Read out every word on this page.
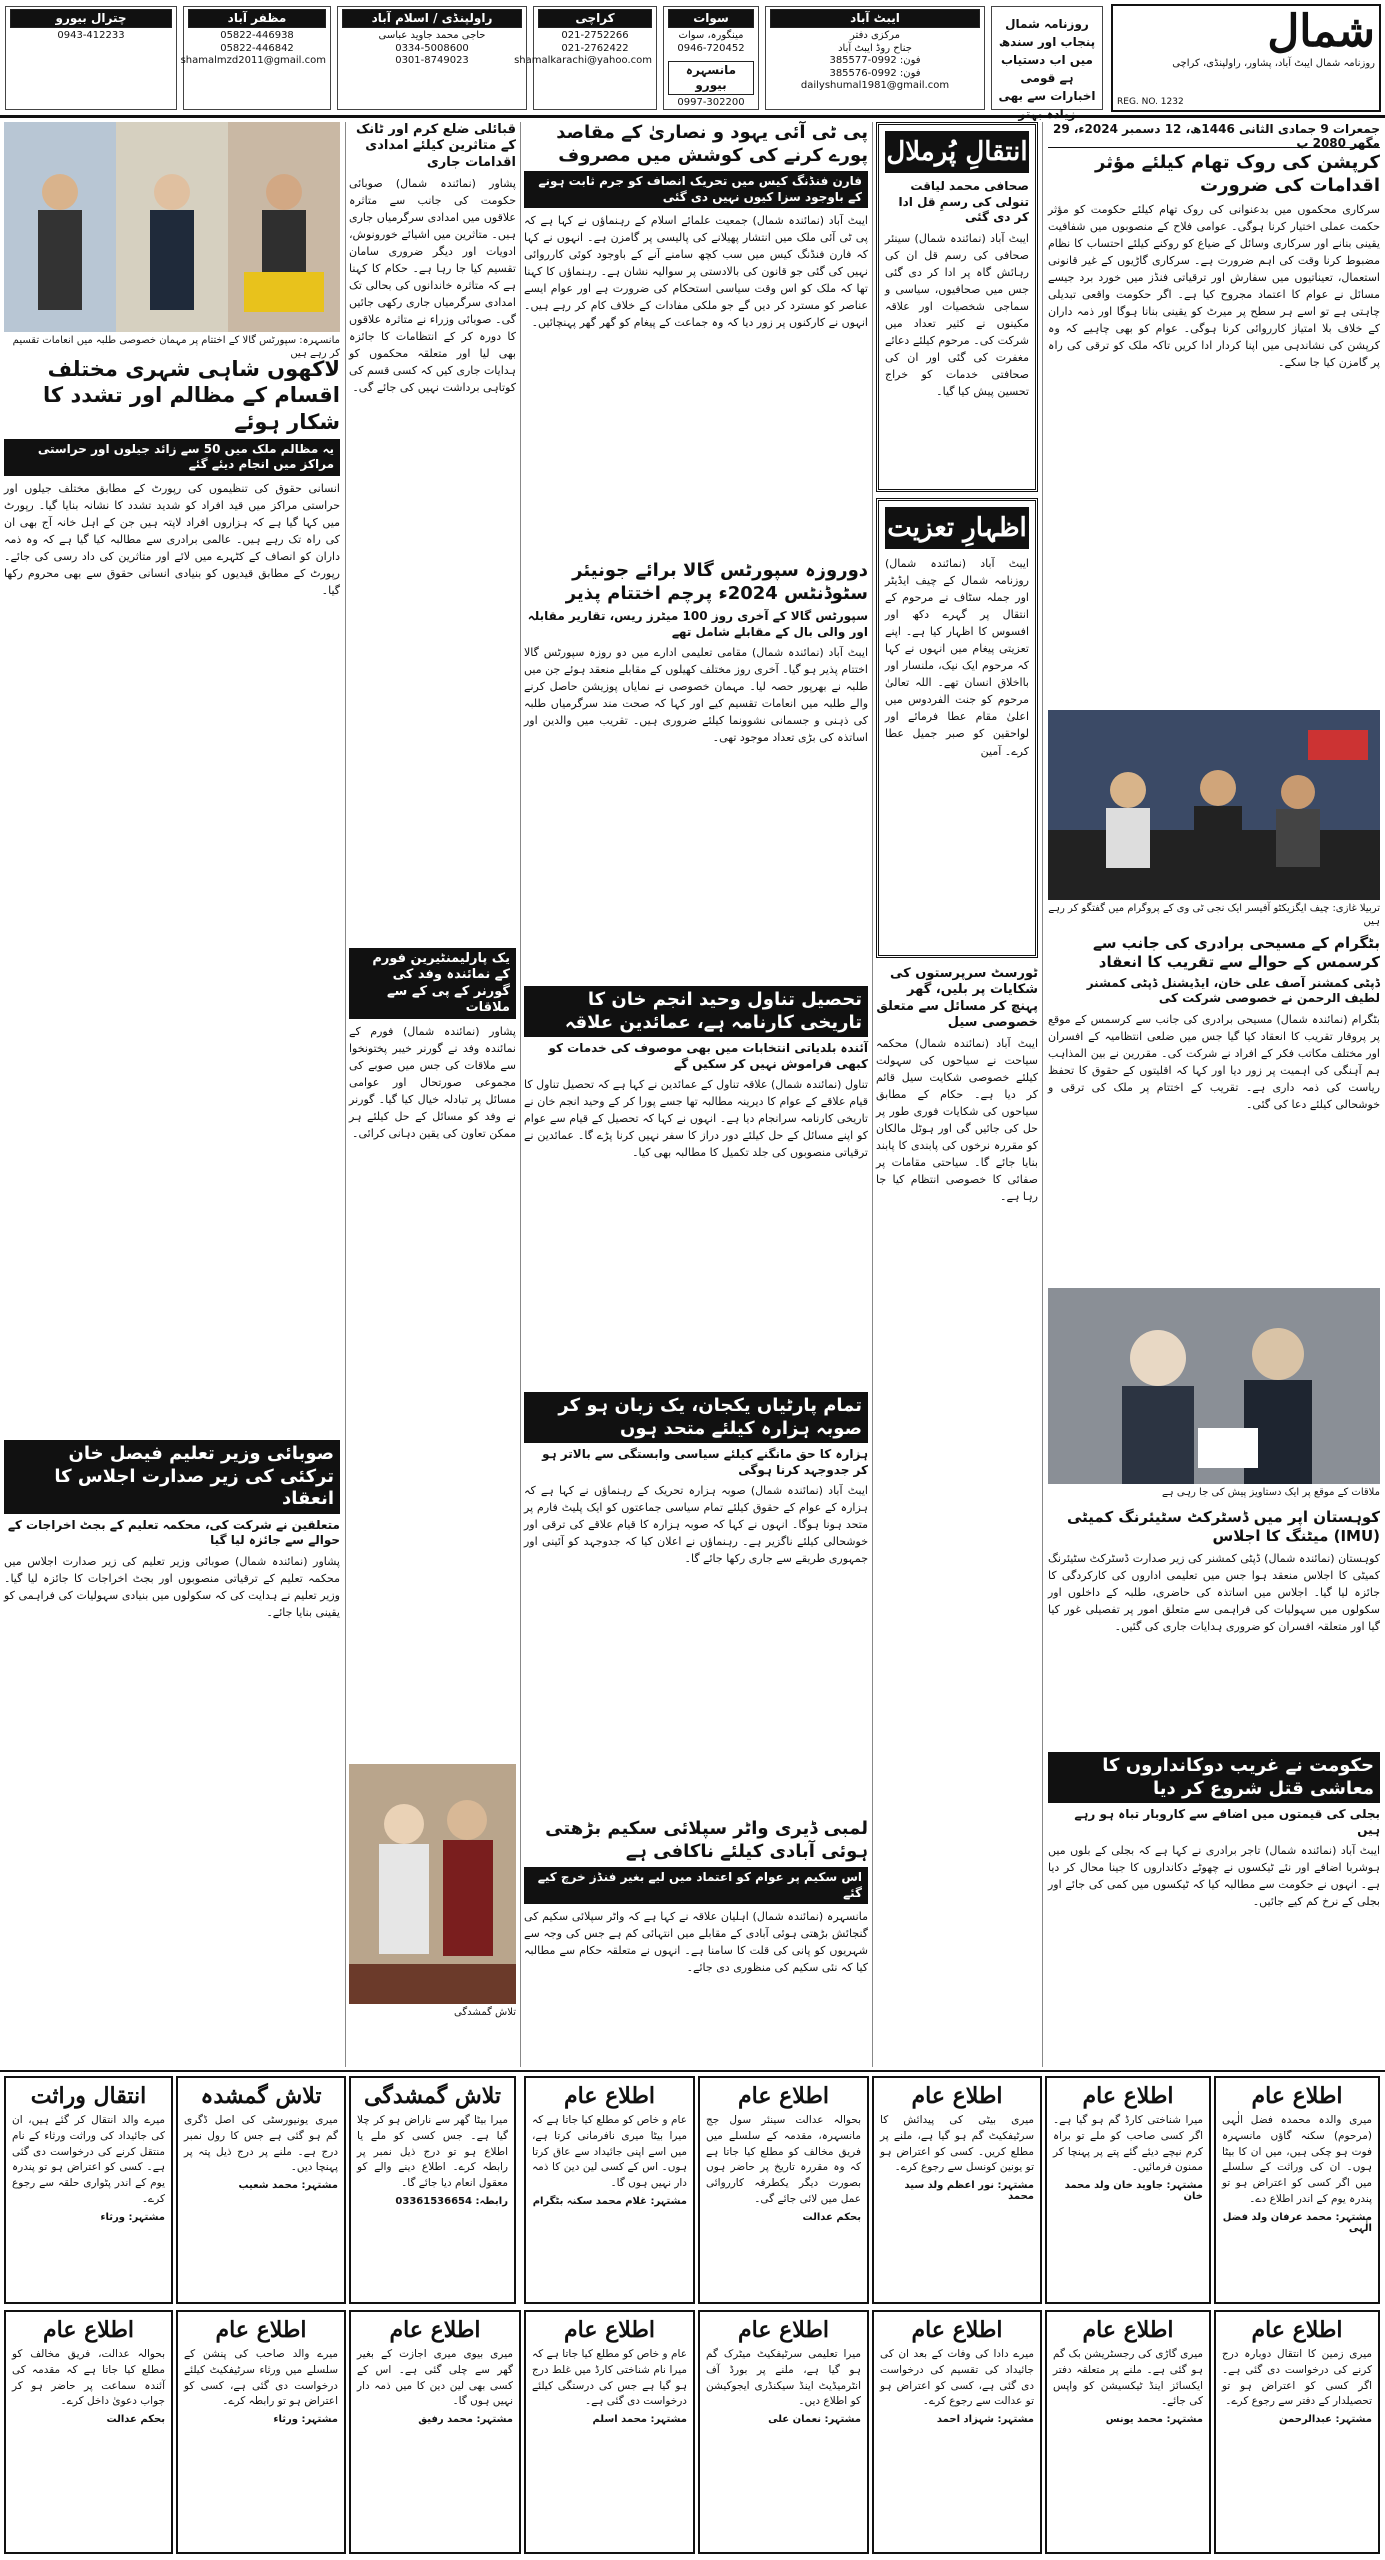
شمال
روزنامہ شمال ایبٹ آباد، پشاور، راولپنڈی، کراچی
REG. NO. 1232
روزنامہ شمال پنجاب اور سندھ میں اب دستیاب ہے قومی اخبارات سے بھی زیادہ بہتر
ایبٹ آباد
مرکزی دفتر
جناح روڈ ایبٹ آباد
فون: 0992-385577
فون: 0992-385576
dailyshumal1981@gmail.com
سوات
مینگورہ، سوات
0946-720452
مانسہرہ بیورو
0997-302200
کراچی
021-2752266
021-2762422
shamalkarachi@yahoo.com
راولپنڈی / اسلام آباد
حاجی محمد جاوید عباسی
0334-5008600
0301-8749023
مظفر آباد
05822-446938
05822-446842
shamalmzd2011@gmail.com
چترال بیورو
0943-412233
جمعرات 9 جمادی الثانی 1446ھ، 12 دسمبر 2024ء، 29 مگھر 2080 ب
کرپشن کی روک تھام کیلئے مؤثر اقدامات کی ضرورت
سرکاری محکموں میں بدعنوانی کی روک تھام کیلئے حکومت کو مؤثر حکمت عملی اختیار کرنا ہوگی۔ عوامی فلاح کے منصوبوں میں شفافیت یقینی بنانے اور سرکاری وسائل کے ضیاع کو روکنے کیلئے احتساب کا نظام مضبوط کرنا وقت کی اہم ضرورت ہے۔ سرکاری گاڑیوں کے غیر قانونی استعمال، تعیناتیوں میں سفارش اور ترقیاتی فنڈز میں خورد برد جیسے مسائل نے عوام کا اعتماد مجروح کیا ہے۔ اگر حکومت واقعی تبدیلی چاہتی ہے تو اسے ہر سطح پر میرٹ کو یقینی بنانا ہوگا اور ذمہ داران کے خلاف بلا امتیاز کارروائی کرنا ہوگی۔ عوام کو بھی چاہیے کہ وہ کرپشن کی نشاندہی میں اپنا کردار ادا کریں تاکہ ملک کو ترقی کی راہ پر گامزن کیا جا سکے۔
تربیلا غازی: چیف ایگزیکٹو آفیسر ایک نجی ٹی وی کے پروگرام میں گفتگو کر رہے ہیں
بٹگرام کے مسیحی برادری کی جانب سے کرسمس کے حوالے سے تقریب کا انعقاد
ڈپٹی کمشنر آصف علی خان، ایڈیشنل ڈپٹی کمشنر لطیف الرحمن نے خصوصی شرکت کی
بٹگرام (نمائندہ شمال) مسیحی برادری کی جانب سے کرسمس کے موقع پر پروقار تقریب کا انعقاد کیا گیا جس میں ضلعی انتظامیہ کے افسران اور مختلف مکاتب فکر کے افراد نے شرکت کی۔ مقررین نے بین المذاہب ہم آہنگی کی اہمیت پر زور دیا اور کہا کہ اقلیتوں کے حقوق کا تحفظ ریاست کی ذمہ داری ہے۔ تقریب کے اختتام پر ملک کی ترقی و خوشحالی کیلئے دعا کی گئی۔
ملاقات کے موقع پر ایک دستاویز پیش کی جا رہی ہے
کوہستان اپر میں ڈسٹرکٹ سٹیئرنگ کمیٹی (IMU) میٹنگ کا اجلاس
کوہستان (نمائندہ شمال) ڈپٹی کمشنر کی زیر صدارت ڈسٹرکٹ سٹیئرنگ کمیٹی کا اجلاس منعقد ہوا جس میں تعلیمی اداروں کی کارکردگی کا جائزہ لیا گیا۔ اجلاس میں اساتذہ کی حاضری، طلبہ کے داخلوں اور سکولوں میں سہولیات کی فراہمی سے متعلق امور پر تفصیلی غور کیا گیا اور متعلقہ افسران کو ضروری ہدایات جاری کی گئیں۔
حکومت نے غریب دوکانداروں کا معاشی قتل شروع کر دیا
بجلی کی قیمتوں میں اضافے سے کاروبار تباہ ہو رہے ہیں
ایبٹ آباد (نمائندہ شمال) تاجر برادری نے کہا ہے کہ بجلی کے بلوں میں ہوشربا اضافے اور نئے ٹیکسوں نے چھوٹے دکانداروں کا جینا محال کر دیا ہے۔ انہوں نے حکومت سے مطالبہ کیا کہ ٹیکسوں میں کمی کی جائے اور بجلی کے نرخ کم کیے جائیں۔
انتقالِ پُرملال
صحافی محمد لیاقت تنولی کی رسمِ قل ادا کر دی گئی
ایبٹ آباد (نمائندہ شمال) سینئر صحافی کی رسم قل ان کی رہائش گاہ پر ادا کر دی گئی جس میں صحافیوں، سیاسی و سماجی شخصیات اور علاقہ مکینوں نے کثیر تعداد میں شرکت کی۔ مرحوم کیلئے دعائے مغفرت کی گئی اور ان کی صحافتی خدمات کو خراج تحسین پیش کیا گیا۔
اظہارِ تعزیت
ایبٹ آباد (نمائندہ شمال) روزنامہ شمال کے چیف ایڈیٹر اور جملہ سٹاف نے مرحوم کے انتقال پر گہرے دکھ اور افسوس کا اظہار کیا ہے۔ اپنے تعزیتی پیغام میں انہوں نے کہا کہ مرحوم ایک نیک، ملنسار اور بااخلاق انسان تھے۔ اللہ تعالیٰ مرحوم کو جنت الفردوس میں اعلیٰ مقام عطا فرمائے اور لواحقین کو صبر جمیل عطا کرے۔ آمین
ٹورسٹ سرپرستوں کی شکایات پر بلیں، گھر پہنچ کر مسائل سے متعلق خصوصی سیل
ایبٹ آباد (نمائندہ شمال) محکمہ سیاحت نے سیاحوں کی سہولت کیلئے خصوصی شکایت سیل قائم کر دیا ہے۔ حکام کے مطابق سیاحوں کی شکایات فوری طور پر حل کی جائیں گی اور ہوٹل مالکان کو مقررہ نرخوں کی پابندی کا پابند بنایا جائے گا۔ سیاحتی مقامات پر صفائی کا خصوصی انتظام کیا جا رہا ہے۔
پی ٹی آئی یہود و نصاریٰ کے مقاصد پورے کرنے کی کوشش میں مصروف
فارن فنڈنگ کیس میں تحریک انصاف کو جرم ثابت ہونے کے باوجود سزا کیوں نہیں دی گئی
ایبٹ آباد (نمائندہ شمال) جمعیت علمائے اسلام کے رہنماؤں نے کہا ہے کہ پی ٹی آئی ملک میں انتشار پھیلانے کی پالیسی پر گامزن ہے۔ انہوں نے کہا کہ فارن فنڈنگ کیس میں سب کچھ سامنے آنے کے باوجود کوئی کارروائی نہیں کی گئی جو قانون کی بالادستی پر سوالیہ نشان ہے۔ رہنماؤں کا کہنا تھا کہ ملک کو اس وقت سیاسی استحکام کی ضرورت ہے اور عوام ایسے عناصر کو مسترد کر دیں گے جو ملکی مفادات کے خلاف کام کر رہے ہیں۔ انہوں نے کارکنوں پر زور دیا کہ وہ جماعت کے پیغام کو گھر گھر پہنچائیں۔
دوروزہ سپورٹس گالا برائے جونیئر سٹوڈنٹس 2024ء پرچم اختتام پذیر
سپورٹس گالا کے آخری روز 100 میٹرز ریس، تقاریر مقابلہ اور والی بال کے مقابلے شامل تھے
ایبٹ آباد (نمائندہ شمال) مقامی تعلیمی ادارے میں دو روزہ سپورٹس گالا اختتام پذیر ہو گیا۔ آخری روز مختلف کھیلوں کے مقابلے منعقد ہوئے جن میں طلبہ نے بھرپور حصہ لیا۔ مہمان خصوصی نے نمایاں پوزیشن حاصل کرنے والے طلبہ میں انعامات تقسیم کیے اور کہا کہ صحت مند سرگرمیاں طلبہ کی ذہنی و جسمانی نشوونما کیلئے ضروری ہیں۔ تقریب میں والدین اور اساتذہ کی بڑی تعداد موجود تھی۔
تحصیل تناول وحید انجم خان کا تاریخی کارنامہ ہے، عمائدین علاقہ
آئندہ بلدیاتی انتخابات میں بھی موصوف کی خدمات کو کبھی فراموش نہیں کر سکیں گے
تناول (نمائندہ شمال) علاقہ تناول کے عمائدین نے کہا ہے کہ تحصیل تناول کا قیام علاقے کے عوام کا دیرینہ مطالبہ تھا جسے پورا کر کے وحید انجم خان نے تاریخی کارنامہ سرانجام دیا ہے۔ انہوں نے کہا کہ تحصیل کے قیام سے عوام کو اپنے مسائل کے حل کیلئے دور دراز کا سفر نہیں کرنا پڑے گا۔ عمائدین نے ترقیاتی منصوبوں کی جلد تکمیل کا مطالبہ بھی کیا۔
تمام پارٹیاں یکجان، یک زبان ہو کر صوبہ ہزارہ کیلئے متحد ہوں
ہزارہ کا حق مانگنے کیلئے سیاسی وابستگی سے بالاتر ہو کر جدوجہد کرنا ہوگی
ایبٹ آباد (نمائندہ شمال) صوبہ ہزارہ تحریک کے رہنماؤں نے کہا ہے کہ ہزارہ کے عوام کے حقوق کیلئے تمام سیاسی جماعتوں کو ایک پلیٹ فارم پر متحد ہونا ہوگا۔ انہوں نے کہا کہ صوبہ ہزارہ کا قیام علاقے کی ترقی اور خوشحالی کیلئے ناگزیر ہے۔ رہنماؤں نے اعلان کیا کہ جدوجہد کو آئینی اور جمہوری طریقے سے جاری رکھا جائے گا۔
لمبی ڈیری واٹر سپلائی سکیم بڑھتی ہوئی آبادی کیلئے ناکافی ہے
اس سکیم پر عوام کو اعتماد میں لیے بغیر فنڈز خرچ کیے گئے
مانسہرہ (نمائندہ شمال) اہلیان علاقہ نے کہا ہے کہ واٹر سپلائی سکیم کی گنجائش بڑھتی ہوئی آبادی کے مقابلے میں انتہائی کم ہے جس کی وجہ سے شہریوں کو پانی کی قلت کا سامنا ہے۔ انہوں نے متعلقہ حکام سے مطالبہ کیا کہ نئی سکیم کی منظوری دی جائے۔
قبائلی ضلع کرم اور ٹانک کے متاثرین کیلئے امدادی اقدامات جاری
پشاور (نمائندہ شمال) صوبائی حکومت کی جانب سے متاثرہ علاقوں میں امدادی سرگرمیاں جاری ہیں۔ متاثرین میں اشیائے خورونوش، ادویات اور دیگر ضروری سامان تقسیم کیا جا رہا ہے۔ حکام کا کہنا ہے کہ متاثرہ خاندانوں کی بحالی تک امدادی سرگرمیاں جاری رکھی جائیں گی۔ صوبائی وزراء نے متاثرہ علاقوں کا دورہ کر کے انتظامات کا جائزہ بھی لیا اور متعلقہ محکموں کو ہدایات جاری کیں کہ کسی قسم کی کوتاہی برداشت نہیں کی جائے گی۔
یک پارلیمنٹیرین فورم کے نمائندہ وفد کی گورنر کے پی کے سے ملاقات
پشاور (نمائندہ شمال) فورم کے نمائندہ وفد نے گورنر خیبر پختونخوا سے ملاقات کی جس میں صوبے کی مجموعی صورتحال اور عوامی مسائل پر تبادلہ خیال کیا گیا۔ گورنر نے وفد کو مسائل کے حل کیلئے ہر ممکن تعاون کی یقین دہانی کرائی۔
تلاش گمشدگی
مانسہرہ: سپورٹس گالا کے اختتام پر مہمان خصوصی طلبہ میں انعامات تقسیم کر رہے ہیں
لاکھوں شاہی شہری مختلف اقسام کے مظالم اور تشدد کا شکار ہوئے
یہ مظالم ملک میں 50 سے زائد جیلوں اور حراستی مراکز میں انجام دیئے گئے
انسانی حقوق کی تنظیموں کی رپورٹ کے مطابق مختلف جیلوں اور حراستی مراکز میں قید افراد کو شدید تشدد کا نشانہ بنایا گیا۔ رپورٹ میں کہا گیا ہے کہ ہزاروں افراد لاپتہ ہیں جن کے اہل خانہ آج بھی ان کی راہ تک رہے ہیں۔ عالمی برادری سے مطالبہ کیا گیا ہے کہ وہ ذمہ داران کو انصاف کے کٹہرے میں لائے اور متاثرین کی داد رسی کی جائے۔ رپورٹ کے مطابق قیدیوں کو بنیادی انسانی حقوق سے بھی محروم رکھا گیا۔
صوبائی وزیر تعلیم فیصل خان ترکئی کی زیر صدارت اجلاس کا انعقاد
متعلقین نے شرکت کی، محکمہ تعلیم کے بجٹ اخراجات کے حوالے سے جائزہ لیا گیا
پشاور (نمائندہ شمال) صوبائی وزیر تعلیم کی زیر صدارت اجلاس میں محکمہ تعلیم کے ترقیاتی منصوبوں اور بجٹ اخراجات کا جائزہ لیا گیا۔ وزیر تعلیم نے ہدایت کی کہ سکولوں میں بنیادی سہولیات کی فراہمی کو یقینی بنایا جائے۔
اطلاع عام
میری والدہ محمدہ فضل الٰہی (مرحوم) سکنہ گاؤں مانسہرہ فوت ہو چکی ہیں، میں ان کا بیٹا ہوں۔ ان کی وراثت کے سلسلے میں اگر کسی کو اعتراض ہو تو پندرہ یوم کے اندر اطلاع دے۔
مشتہر: محمد عرفان ولد فضل الٰہی
اطلاع عام
میرا شناختی کارڈ گم ہو گیا ہے۔ اگر کسی صاحب کو ملے تو براہ کرم نیچے دیئے گئے پتے پر پہنچا کر ممنون فرمائیں۔
مشتہر: جاوید خان ولد محمد خان
اطلاع عام
میری بیٹی کی پیدائش کا سرٹیفکیٹ گم ہو گیا ہے، ملنے پر مطلع کریں۔ کسی کو اعتراض ہو تو یونین کونسل سے رجوع کرے۔
مشتہر: نور اعظم ولد سید محمد
اطلاع عام
بحوالہ عدالت سینئر سول جج مانسہرہ، مقدمہ کے سلسلے میں فریق مخالف کو مطلع کیا جاتا ہے کہ وہ مقررہ تاریخ پر حاضر ہوں بصورت دیگر یکطرفہ کارروائی عمل میں لائی جائے گی۔
بحکم عدالت
تلاش گمشدگی
میرا بیٹا گھر سے ناراض ہو کر چلا گیا ہے۔ جس کسی کو ملے یا اطلاع ہو تو درج ذیل نمبر پر رابطہ کرے۔ اطلاع دینے والے کو معقول انعام دیا جائے گا۔
رابطہ: 03361536654
تلاش گمشدہ
میری یونیورسٹی کی اصل ڈگری گم ہو گئی ہے جس کا رول نمبر درج ہے۔ ملنے پر درج ذیل پتہ پر پہنچا دیں۔
مشتہر: محمد شعیب
انتقال وراثت
میرے والد انتقال کر گئے ہیں، ان کی جائیداد کی وراثت ورثاء کے نام منتقل کرنے کی درخواست دی گئی ہے۔ کسی کو اعتراض ہو تو پندرہ یوم کے اندر پٹواری حلقہ سے رجوع کرے۔
مشتہر: ورثاء
اطلاع عام
عام و خاص کو مطلع کیا جاتا ہے کہ میرا بیٹا میری نافرمانی کرتا ہے، میں اسے اپنی جائیداد سے عاق کرتا ہوں۔ اس کے کسی لین دین کا ذمہ دار نہیں ہوں گا۔
مشتہر: غلام محمد سکنہ بٹگرام
اطلاع عام
میری زمین کا انتقال دوبارہ درج کرنے کی درخواست دی گئی ہے۔ اگر کسی کو اعتراض ہو تو تحصیلدار کے دفتر سے رجوع کرے۔
مشتہر: عبدالرحمن
اطلاع عام
میری گاڑی کی رجسٹریشن بک گم ہو گئی ہے۔ ملنے پر متعلقہ دفتر ایکسائز اینڈ ٹیکسیشن کو واپس کی جائے۔
مشتہر: محمد یونس
اطلاع عام
میرے دادا کی وفات کے بعد ان کی جائیداد کی تقسیم کی درخواست دی گئی ہے، کسی کو اعتراض ہو تو عدالت سے رجوع کرے۔
مشتہر: شہزاد احمد
اطلاع عام
میرا تعلیمی سرٹیفکیٹ میٹرک گم ہو گیا ہے، ملنے پر بورڈ آف انٹرمیڈیٹ اینڈ سیکنڈری ایجوکیشن کو اطلاع دیں۔
مشتہر: نعمان علی
اطلاع عام
عام و خاص کو مطلع کیا جاتا ہے کہ میرا نام شناختی کارڈ میں غلط درج ہو گیا ہے جس کی درستگی کیلئے درخواست دی گئی ہے۔
مشتہر: محمد اسلم
اطلاع عام
میری بیوی میری اجازت کے بغیر گھر سے چلی گئی ہے۔ اس کے کسی بھی لین دین کا میں ذمہ دار نہیں ہوں گا۔
مشتہر: محمد رفیق
اطلاع عام
میرے والد صاحب کی پنشن کے سلسلے میں ورثاء سرٹیفکیٹ کیلئے درخواست دی گئی ہے، کسی کو اعتراض ہو تو رابطہ کرے۔
مشتہر: ورثاء
اطلاع عام
بحوالہ عدالت، فریق مخالف کو مطلع کیا جاتا ہے کہ مقدمہ کی آئندہ سماعت پر حاضر ہو کر جواب دعویٰ داخل کرے۔
بحکم عدالت
